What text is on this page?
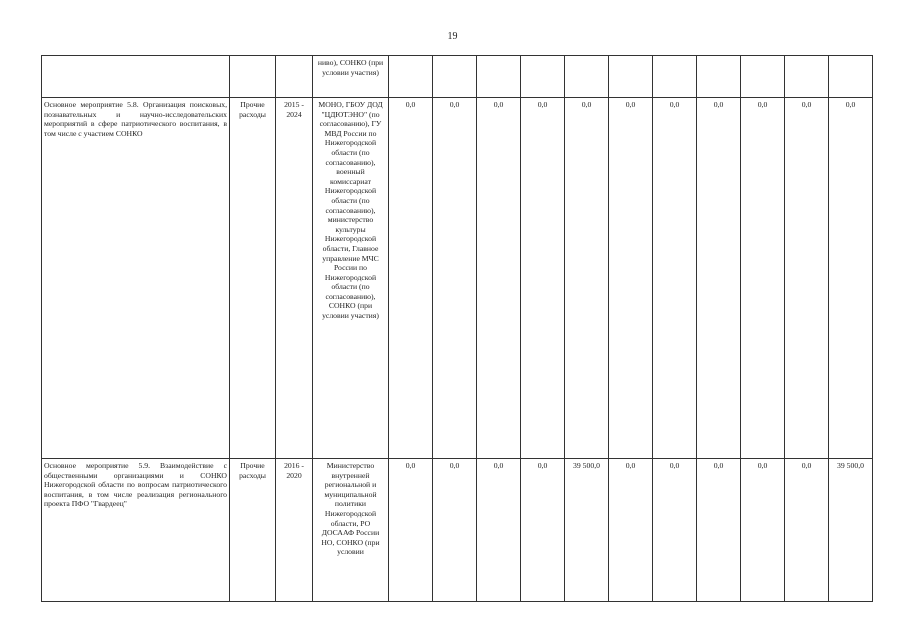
19
			ниво), СОНКО (при условии участия)											
Основное мероприятие 5.8. Организация поисковых, познавательных и научно-исследовательских мероприятий в сфере патриотического воспитания, в том числе с участием СОНКО	Прочие расходы	2015 - 2024	МОНО, ГБОУ ДОД "ЦДЮТЭНО" (по согласованию), ГУ МВД России по Нижегородской области (по согласованию), военный комиссариат Нижегородской области (по согласованию), министерство культуры Нижегородской области, Главное управление МЧС России по Нижегородской области (по согласованию), СОНКО (при условии участия)	0,0	0,0	0,0	0,0	0,0	0,0	0,0	0,0	0,0	0,0	0,0
Основное мероприятие 5.9. Взаимодействие с общественными организациями и СОНКО Нижегородской области по вопросам патриотического воспитания, в том числе реализация регионального проекта ПФО "Гвардеец"	Прочие расходы	2016 - 2020	Министерство внутренней региональной и муниципальной политики Нижегородской области, РО ДОСААФ России НО, СОНКО (при условии	0,0	0,0	0,0	0,0	39 500,0	0,0	0,0	0,0	0,0	0,0	39 500,0
